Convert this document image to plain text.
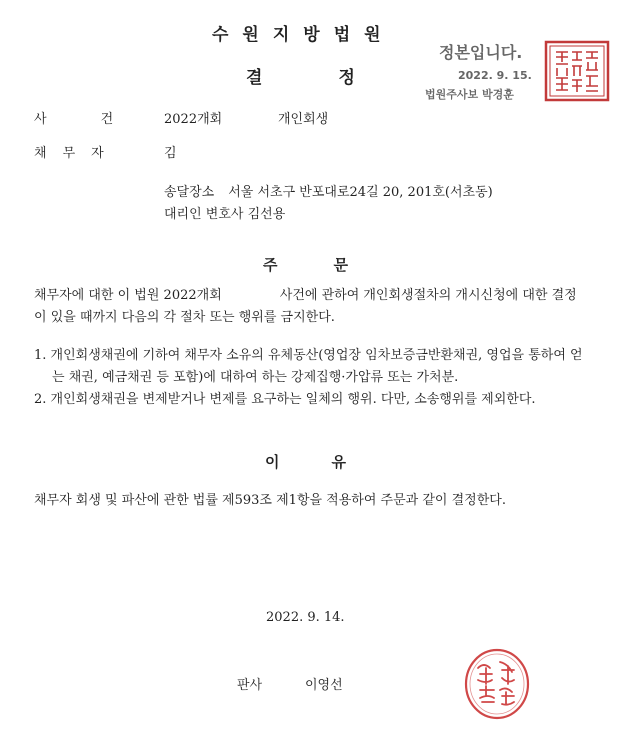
수원지방법원
결	정
정본입니다.
2022. 9. 15.
법원주사보 박경훈
사	건	2022개회	개인회생
채 무 자	김
송달장소 서울 서초구 반포대로24길 20, 201호(서초동)
대리인 변호사 김선용
주	문
채무자에 대한 이 법원 2022개회	사건에 관하여 개인회생절차의 개시신청에 대한 결정이 있을 때까지 다음의 각 절차 또는 행위를 금지한다.
1. 개인회생채권에 기하여 채무자 소유의 유체동산(영업장 임차보증금반환채권, 영업을 통하여 얻는 채권, 예금채권 등 포함)에 대하여 하는 강제집행·가압류 또는 가처분.
2. 개인회생채권을 변제받거나 변제를 요구하는 일체의 행위. 다만, 소송행위를 제외한다.
이	유
채무자 회생 및 파산에 관한 법률 제593조 제1항을 적용하여 주문과 같이 결정한다.
2022. 9. 14.
판사	이영선
